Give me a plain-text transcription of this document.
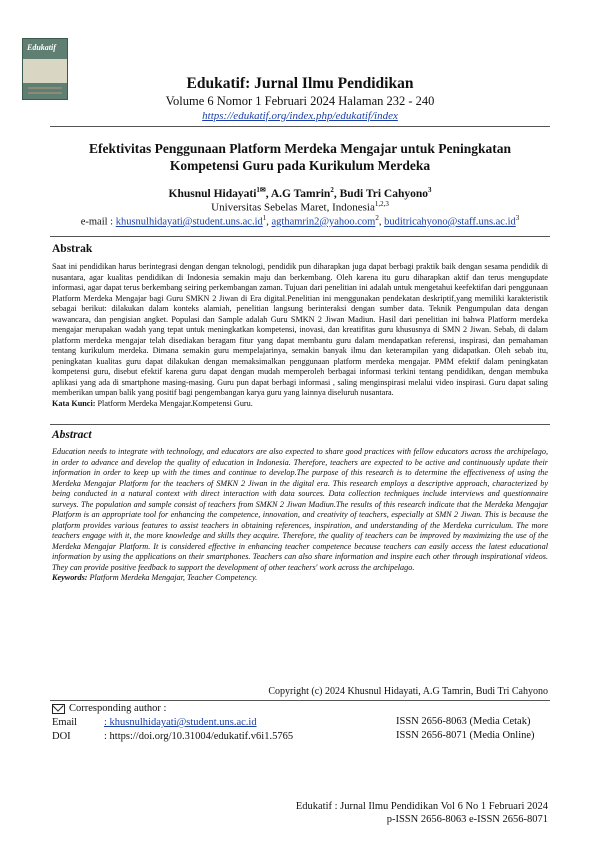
Edukatif
Edukatif: Jurnal Ilmu Pendidikan
Volume 6 Nomor 1 Februari 2024 Halaman 232 - 240
https://edukatif.org/index.php/edukatif/index
Efektivitas Penggunaan Platform Merdeka Mengajar untuk Peningkatan
Kompetensi Guru pada Kurikulum Merdeka
Khusnul Hidayati$^{1✉}$, A.G Tamrin$^2$, Budi Tri Cahyono$^3$
Universitas Sebelas Maret, Indonesia$^{1,2,3}$
e-mail : $khusnulhidayati@student.uns.ac.id^1$, agthamrin2@yahoo.com$^2$, $buditricahyono@staff.uns.ac.id^3$
Abstrak
Saat ini pendidikan harus berintegrasi dengan dengan teknologi, pendidik pun diharapkan juga dapat berbagi praktik baik dengan sesama pendidik di nusantara, agar kualitas pendidikan di Indonesia semakin maju dan berkembang. Oleh karena itu guru diharapkan aktif dan terus mengupdate informasi, agar dapat terus berkembang seiring perkembangan zaman. Tujuan dari penelitian ini adalah untuk mengetahui keefektifan dari penggunaan Platform Merdeka Mengajar bagi Guru SMKN 2 Jiwan di Era digital.Penelitian ini menggunakan pendekatan deskriptif,yang memiliki karakteristik sebagai berikut: dilakukan dalam konteks alamiah, penelitian langsung berinteraksi dengan sumber data. Teknik Pengumpulan data dengan wawancara, dan pengisian angket. Populasi dan Sample adalah Guru SMKN 2 Jiwan Madiun. Hasil dari penelitian ini bahwa Platform merdeka mengajar merupakan wadah yang tepat untuk meningkatkan kompetensi, inovasi, dan kreatifitas guru khususnya di SMN 2 Jiwan. Sebab, di dalam platform merdeka mengajar telah disediakan beragam fitur yang dapat membantu guru dalam mendapatkan referensi, inspirasi, dan pemahaman tentang kurikulum merdeka. Dimana semakin guru mempelajarinya, semakin banyak ilmu dan keterampilan yang didapatkan. Oleh sebab itu, peningkatan kualitas guru dapat dilakukan dengan memaksimalkan penggunaan platform merdeka mengajar. PMM efektif dalam peningkatan kompetensi guru, disebut efektif karena guru dapat dengan mudah memperoleh berbagai informasi terkini tentang pendidikan, dengan membuka aplikasi yang ada di smartphone masing-masing. Guru pun dapat berbagi informasi , saling menginspirasi melalui video inspirasi. Guru dapat saling memberikan umpan balik yang positif bagi pengembangan karya guru yang lainnya diseluruh nusantara.
Kata Kunci: Platform Merdeka Mengajar.Kompetensi Guru.
Abstract
Education needs to integrate with technology, and educators are also expected to share good practices with fellow educators across the archipelago, in order to advance and develop the quality of education in Indonesia. Therefore, teachers are expected to be active and continuously update their information in order to keep up with the times and continue to develop.The purpose of this research is to determine the effectiveness of using the Merdeka Mengajar Platform for the teachers of SMKN 2 Jiwan in the digital era. This research employs a descriptive approach, characterized by being conducted in a natural context with direct interaction with data sources. Data collection techniques include interviews and questionnaire surveys. The population and sample consist of teachers from SMKN 2 Jiwan Madiun.The results of this research indicate that the Merdeka Mengajar Platform is an appropriate tool for enhancing the competence, innovation, and creativity of teachers, especially at SMN 2 Jiwan. This is because the platform provides various features to assist teachers in obtaining references, inspiration, and understanding of the Merdeka curriculum. The more teachers engage with it, the more knowledge and skills they acquire. Therefore, the quality of teachers can be improved by maximizing the use of the Merdeka Mengajar Platform. It is considered effective in enhancing teacher competence because teachers can easily access the latest educational information by using the applications on their smartphones. Teachers can also share information and inspire each other through inspirational videos. They can provide positive feedback to support the development of other teachers' work across the archipelago.
Keywords: Platform Merdeka Mengajar, Teacher Competency.
Copyright (c) 2024 Khusnul Hidayati, A.G Tamrin, Budi Tri Cahyono
Corresponding author :
Email	: khusnulhidayati@student.uns.ac.id
DOI	: https://doi.org/10.31004/edukatif.v6i1.5765
ISSN 2656-8063 (Media Cetak)
ISSN 2656-8071 (Media Online)
Edukatif : Jurnal Ilmu Pendidikan Vol 6 No 1 Februari 2024
p-ISSN 2656-8063 e-ISSN 2656-8071
